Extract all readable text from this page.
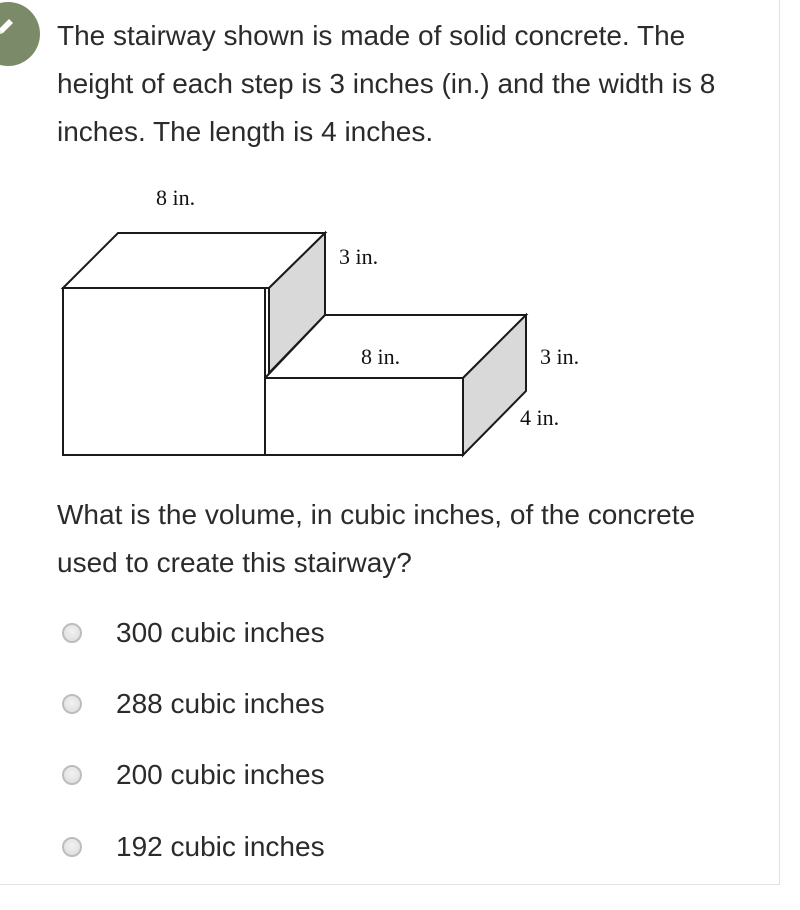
The stairway shown is made of solid concrete. The height of each step is 3 inches (in.) and the width is 8 inches. The length is 4 inches.

8 in.
3 in.
8 in.	3 in.
4 in.

What is the volume, in cubic inches, of the concrete used to create this stairway?

300 cubic inches
288 cubic inches
200 cubic inches
192 cubic inches
